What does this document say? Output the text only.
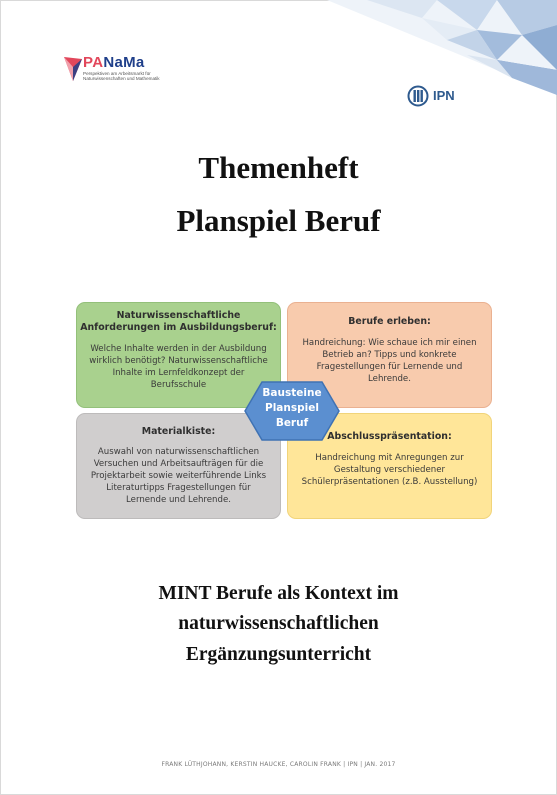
PANaMa
Perspektiven am Arbeitsmarkt für
Naturwissenschaften und Mathematik
IPN
Themenheft
Planspiel Beruf
Naturwissenschaftliche
Anforderungen im Ausbildungsberuf:
Welche Inhalte werden in der Ausbildung
wirklich benötigt? Naturwissenschaftliche
Inhalte im Lernfeldkonzept der
Berufsschule
Berufe erleben:
Handreichung: Wie schaue ich mir einen
Betrieb an? Tipps und konkrete
Fragestellungen für Lernende und
Lehrende.
Materialkiste:
Auswahl von naturwissenschaftlichen
Versuchen und Arbeitsaufträgen für die
Projektarbeit sowie weiterführende Links
Literaturtipps Fragestellungen für
Lernende und Lehrende.
Abschlusspräsentation:
Handreichung mit Anregungen zur
Gestaltung verschiedener
Schülerpräsentationen (z.B. Ausstellung)
Bausteine
Planspiel
Beruf
MINT Berufe als Kontext im
naturwissenschaftlichen
Ergänzungsunterricht
FRANK LÜTHJOHANN, KERSTIN HAUCKE, CAROLIN FRANK | IPN | JAN. 2017
